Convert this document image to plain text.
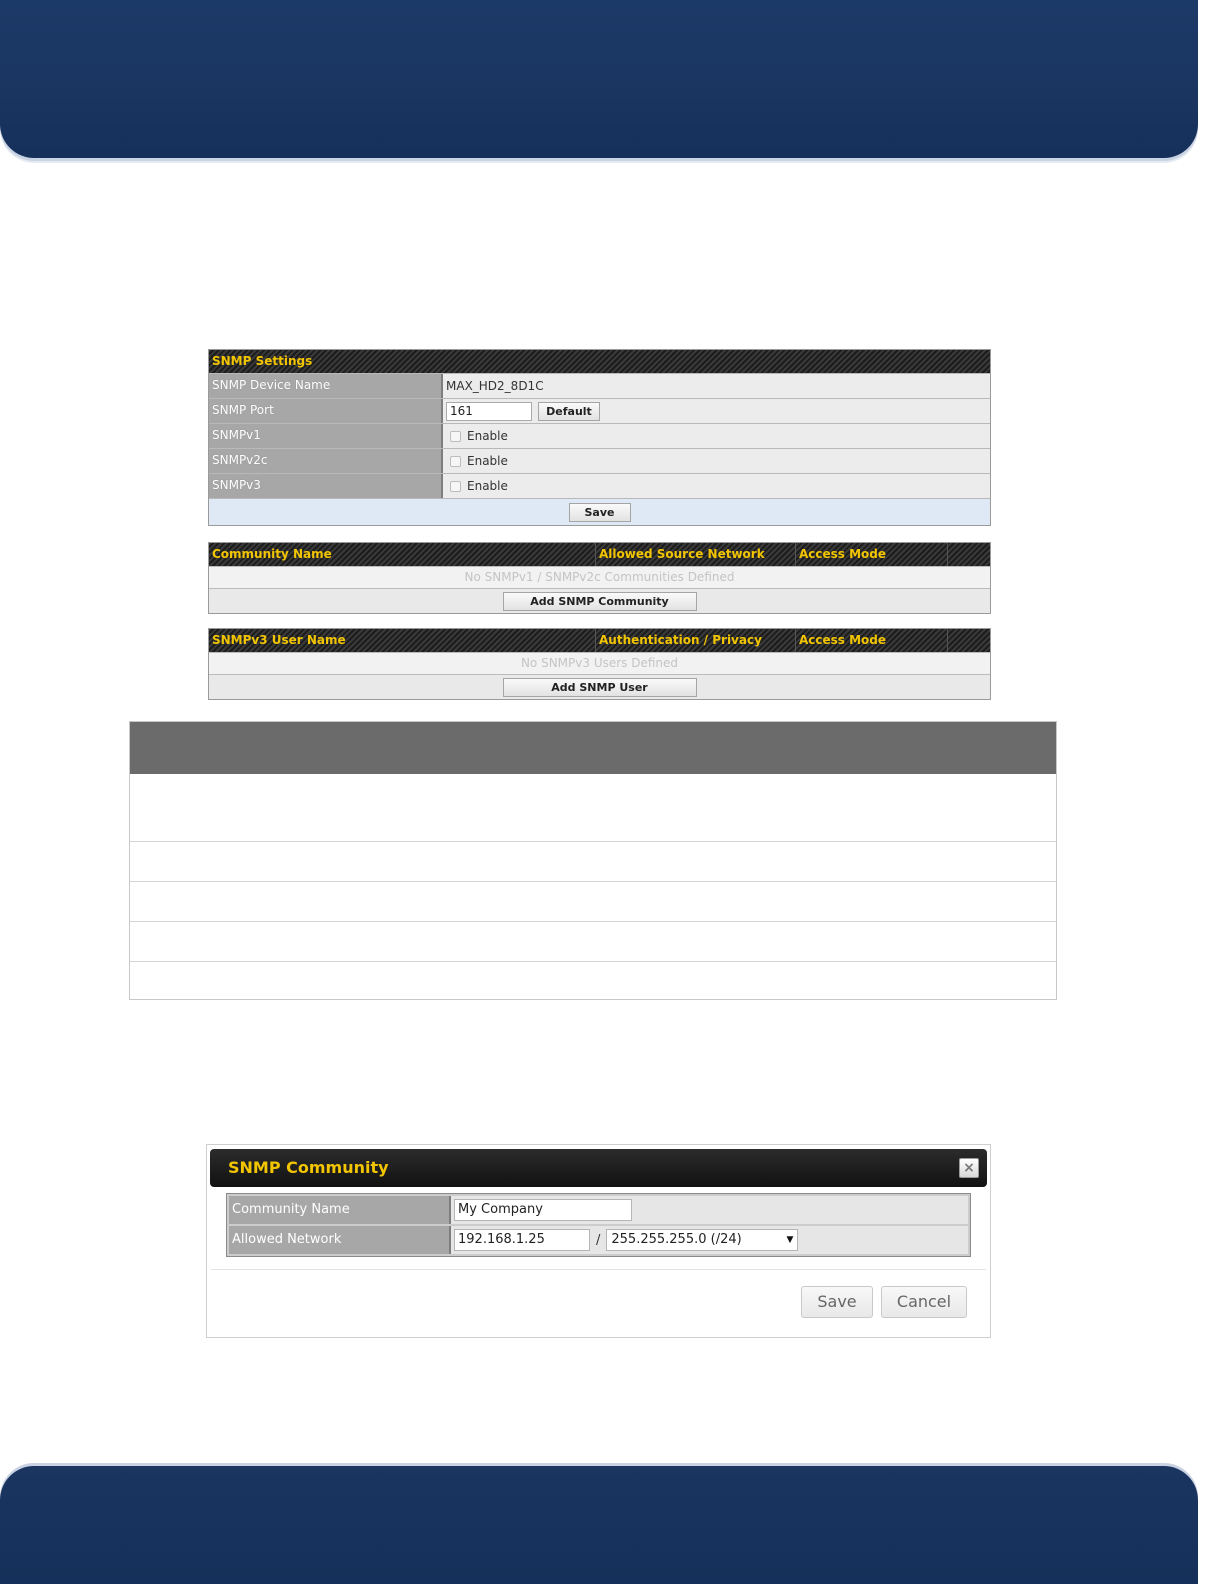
SNMP Settings
SNMP Device Name	MAX_HD2_8D1C
SNMP Port	161	Default
SNMPv1	Enable
SNMPv2c	Enable
SNMPv3	Enable
Save
Community Name	Allowed Source Network	Access Mode
No SNMPv1 / SNMPv2c Communities Defined
Add SNMP Community
SNMPv3 User Name	Authentication / Privacy	Access Mode
No SNMPv3 Users Defined
Add SNMP User
SNMP Community	×
Save	Cancel
Community Name	My Company
Allowed Network	192.168.1.25	/ 255.255.255.0 (/24)	▼
